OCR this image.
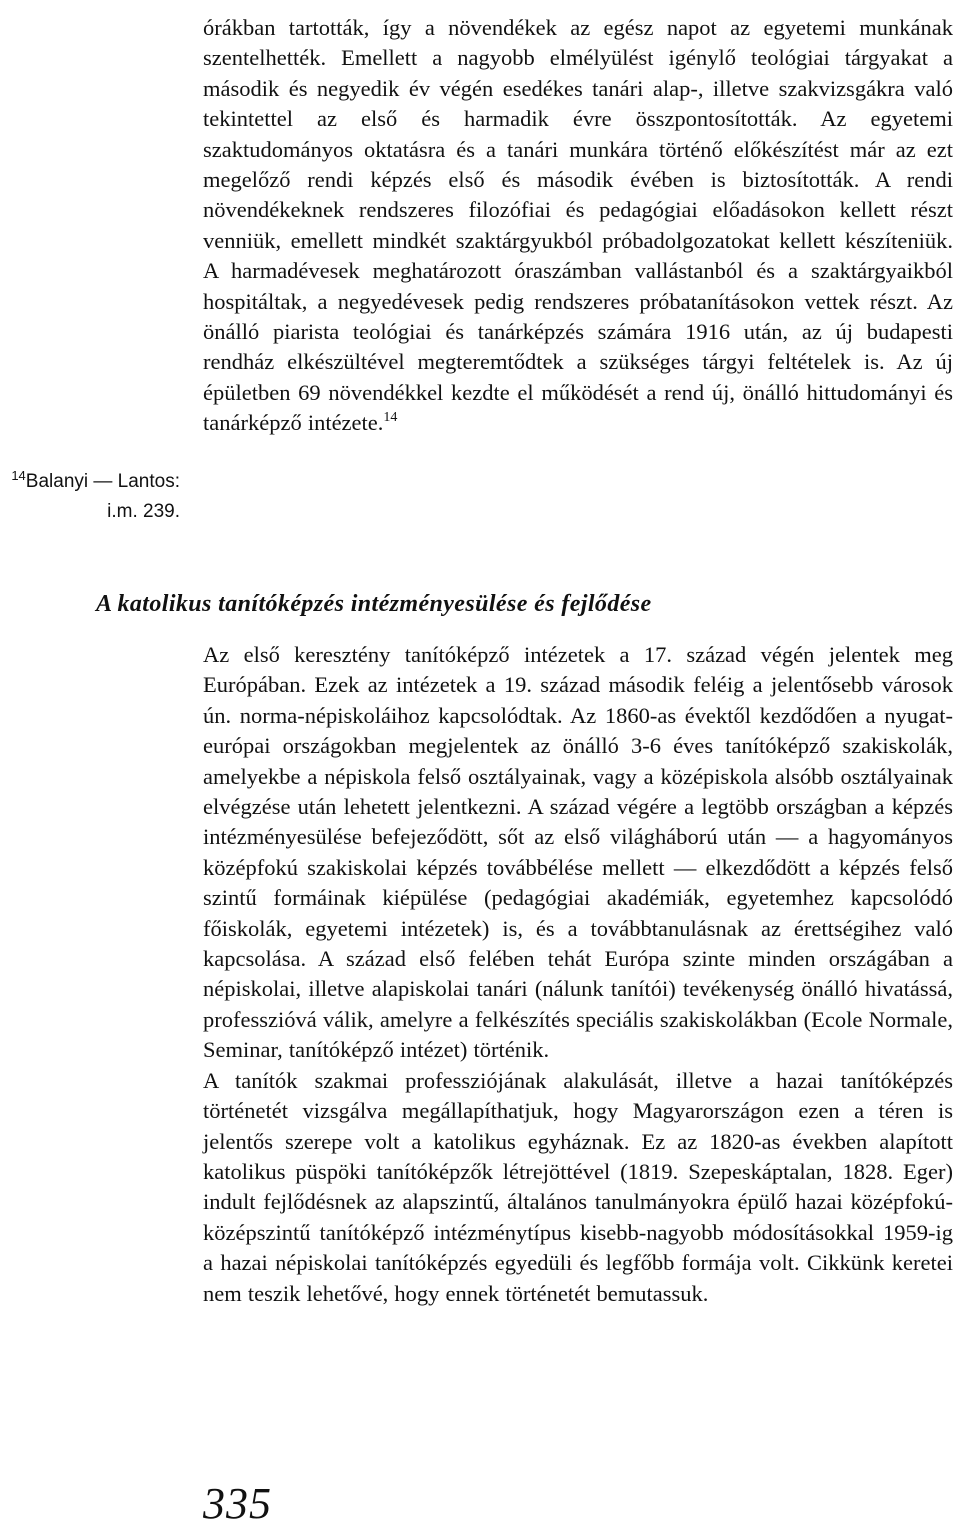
$^{14}$Balanyi — Lantos:
i.m. 239.

órákban tartották, így a növendékek az egész napot az egyetemi munkának szentelhették. Emellett a nagyobb elmélyülést igénylő teológiai tárgyakat a második és negyedik év végén esedékes tanári alap-, illetve szakvizsgákra való tekintettel az első és harmadik évre összpontosították. Az egyetemi szaktudományos oktatásra és a tanári munkára történő előkészítést már az ezt megelőző rendi képzés első és második évében is biztosították. A rendi növendékeknek rendszeres filozófiai és pedagógiai előadásokon kellett részt venniük, emellett mindkét szaktárgyukból próbadolgozatokat kellett készíteniük. A harmadévesek meghatározott óraszámban vallástanból és a szaktárgyaikból hospitáltak, a negyedévesek pedig rendszeres próbatanításokon vettek részt. Az önálló piarista teológiai és tanárképzés számára 1916 után, az új budapesti rendház elkészültével megteremtődtek a szükséges tárgyi feltételek is. Az új épületben 69 növendékkel kezdte el működését a rend új, önálló hittudományi és tanárképző intézete.$^{14}$

A katolikus tanítóképzés intézményesülése és fejlődése

Az első keresztény tanítóképző intézetek a 17. század végén jelentek meg Európában. Ezek az intézetek a 19. század második feléig a jelentősebb városok ún. norma-népiskoláihoz kapcsolódtak. Az 1860-as évektől kezdődően a nyugat-európai országokban megjelentek az önálló 3-6 éves tanítóképző szakiskolák, amelyekbe a népiskola felső osztályainak, vagy a középiskola alsóbb osztályainak elvégzése után lehetett jelentkezni. A század végére a legtöbb országban a képzés intézményesülése befejeződött, sőt az első világháború után — a hagyományos középfokú szakiskolai képzés továbbélése mellett — elkezdődött a képzés felső szintű formáinak kiépülése (pedagógiai akadémiák, egyetemhez kapcsolódó főiskolák, egyetemi intézetek) is, és a továbbtanulásnak az érettségihez való kapcsolása. A század első felében tehát Európa szinte minden országában a népiskolai, illetve alapiskolai tanári (nálunk tanítói) tevékenység önálló hivatássá, professzióvá válik, amelyre a felkészítés speciális szakiskolákban (Ecole Normale, Seminar, tanítóképző intézet) történik.

A tanítók szakmai professziójának alakulását, illetve a hazai tanítóképzés történetét vizsgálva megállapíthatjuk, hogy Magyarországon ezen a téren is jelentős szerepe volt a katolikus egyháznak. Ez az 1820-as években alapított katolikus püspöki tanítóképzők létrejöttével (1819. Szepeskáptalan, 1828. Eger) indult fejlődésnek az alapszintű, általános tanulmányokra épülő hazai középfokú-középszintű tanítóképző intézménytípus kisebb-nagyobb módosításokkal 1959-ig a hazai népiskolai tanítóképzés egyedüli és legfőbb formája volt. Cikkünk keretei nem teszik lehetővé, hogy ennek történetét bemutassuk.

335
